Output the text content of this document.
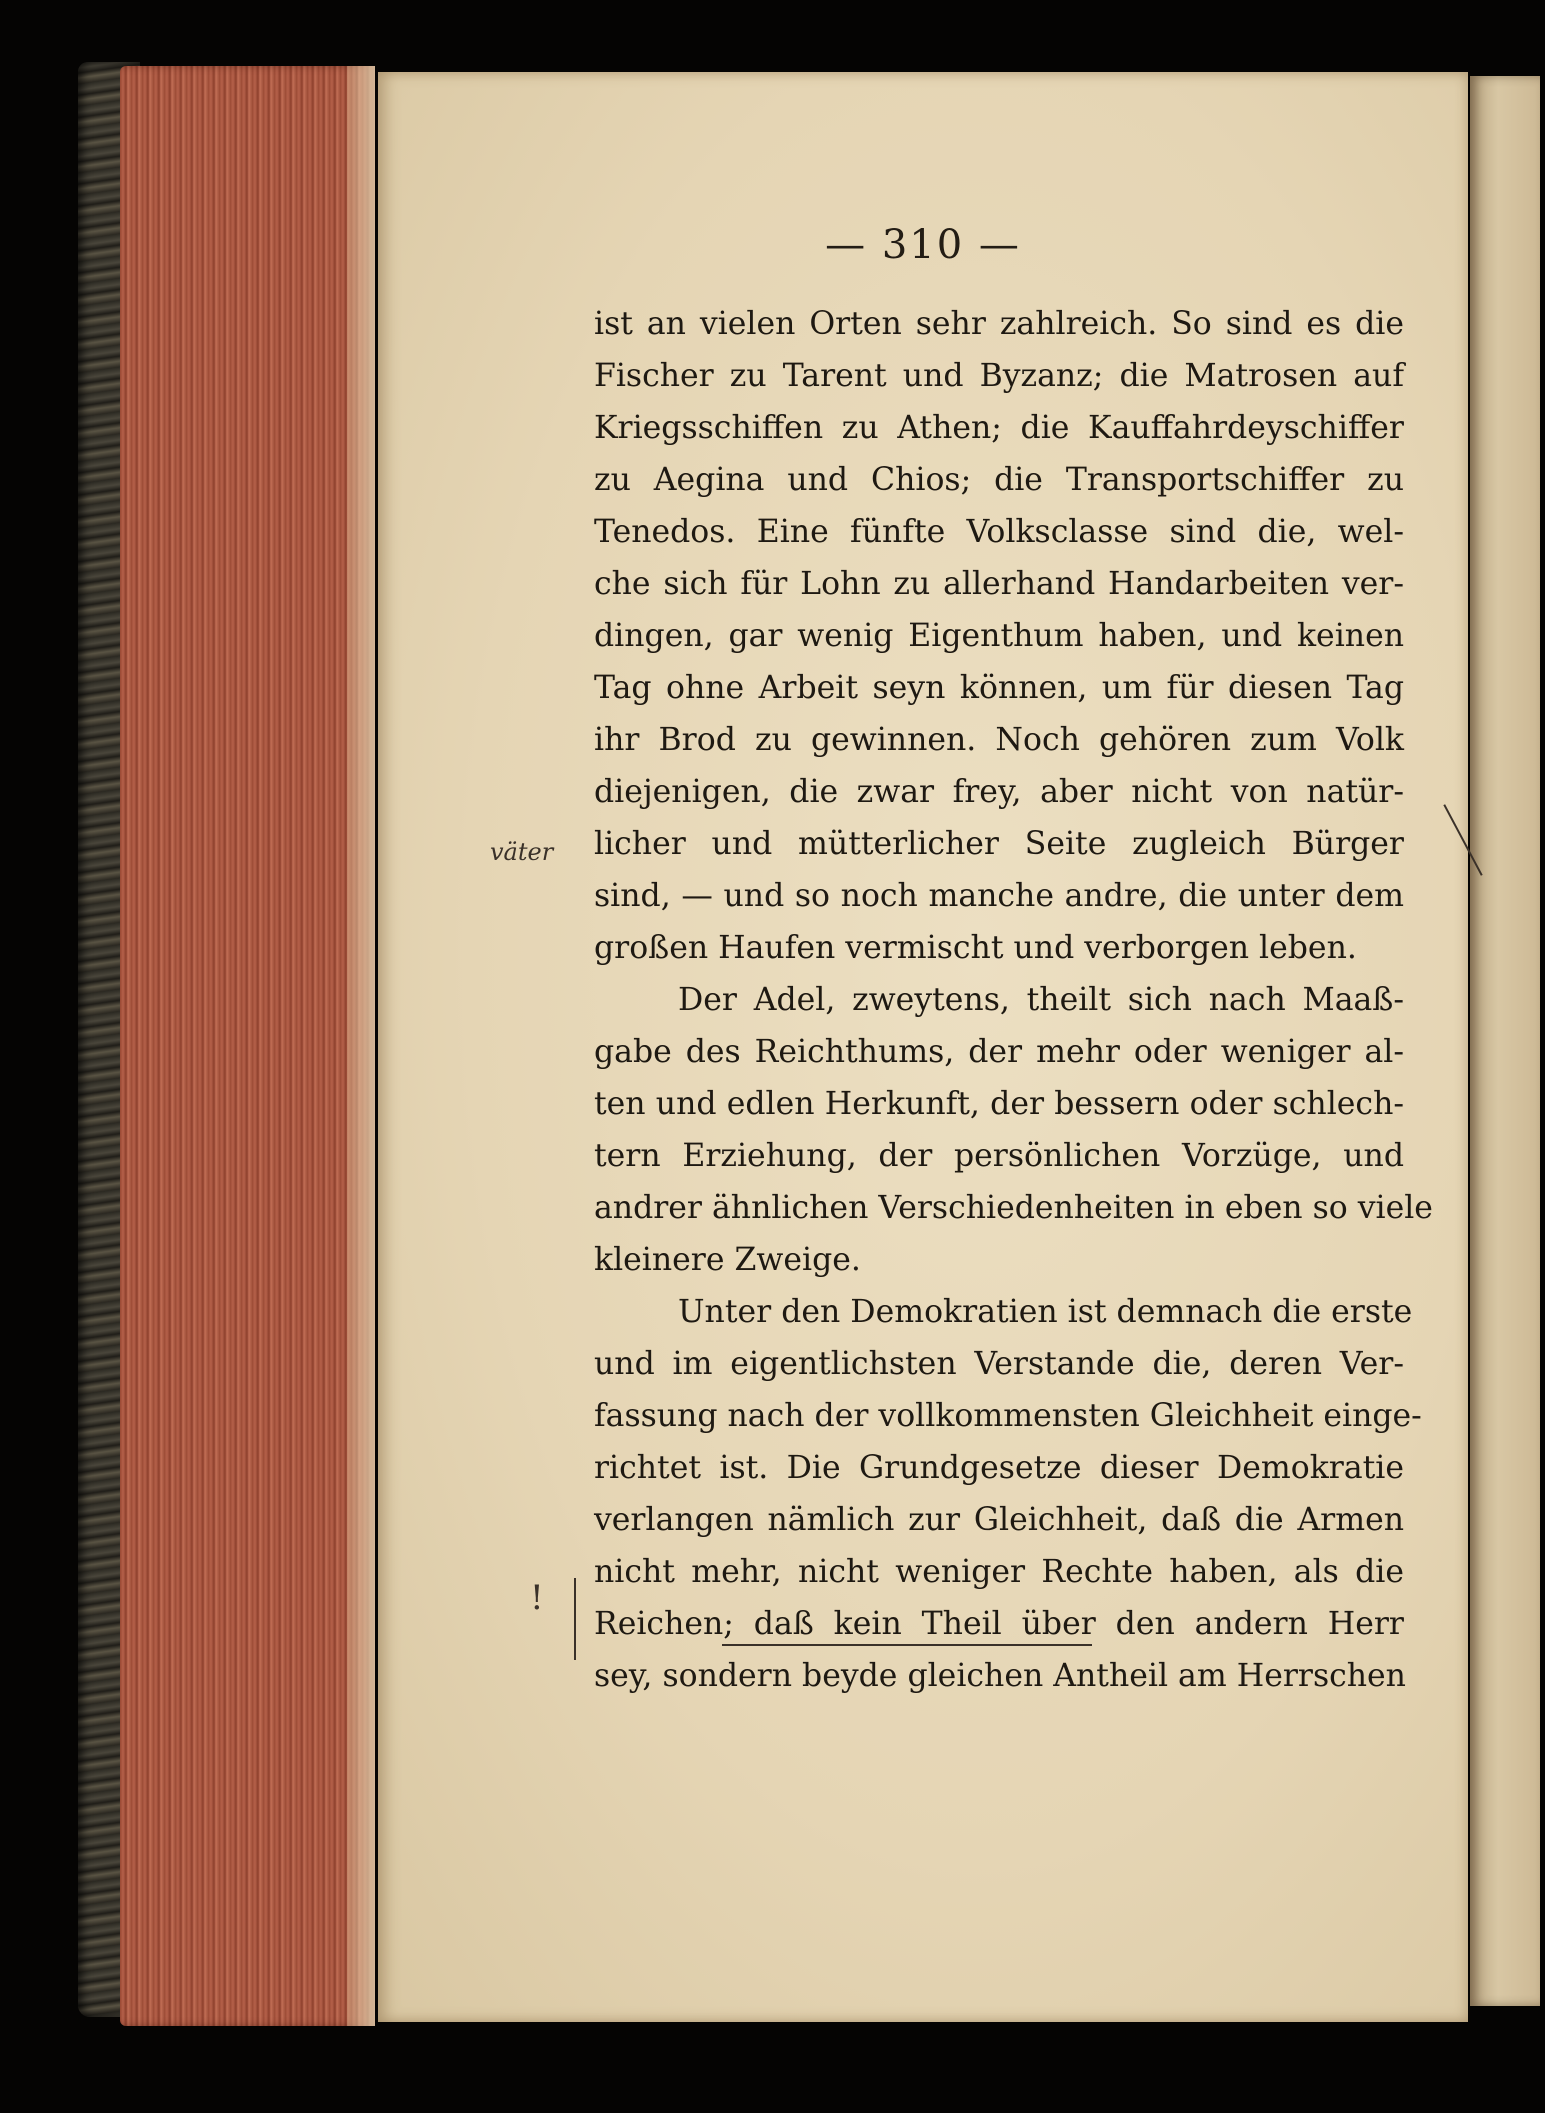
— 310 —
ist an vielen Orten sehr zahlreich. So sind es die
Fischer zu Tarent und Byzanz; die Matrosen auf
Kriegsschiffen zu Athen; die Kauffahrdeyschiffer
zu Aegina und Chios; die Transportschiffer zu
Tenedos. Eine fünfte Volksclasse sind die, wel-
che sich für Lohn zu allerhand Handarbeiten ver-
dingen, gar wenig Eigenthum haben, und keinen
Tag ohne Arbeit seyn können, um für diesen Tag
ihr Brod zu gewinnen. Noch gehören zum Volk
diejenigen, die zwar frey, aber nicht von natür-
licher und mütterlicher Seite zugleich Bürger
sind, — und so noch manche andre, die unter dem
großen Haufen vermischt und verborgen leben.
Der Adel, zweytens, theilt sich nach Maaß-
gabe des Reichthums, der mehr oder weniger al-
ten und edlen Herkunft, der bessern oder schlech-
tern Erziehung, der persönlichen Vorzüge, und
andrer ähnlichen Verschiedenheiten in eben so viele
kleinere Zweige.
Unter den Demokratien ist demnach die erste
und im eigentlichsten Verstande die, deren Ver-
fassung nach der vollkommensten Gleichheit einge-
richtet ist. Die Grundgesetze dieser Demokratie
verlangen nämlich zur Gleichheit, daß die Armen
nicht mehr, nicht weniger Rechte haben, als die
Reichen; daß kein Theil über den andern Herr
sey, sondern beyde gleichen Antheil am Herrschen
väter
!
